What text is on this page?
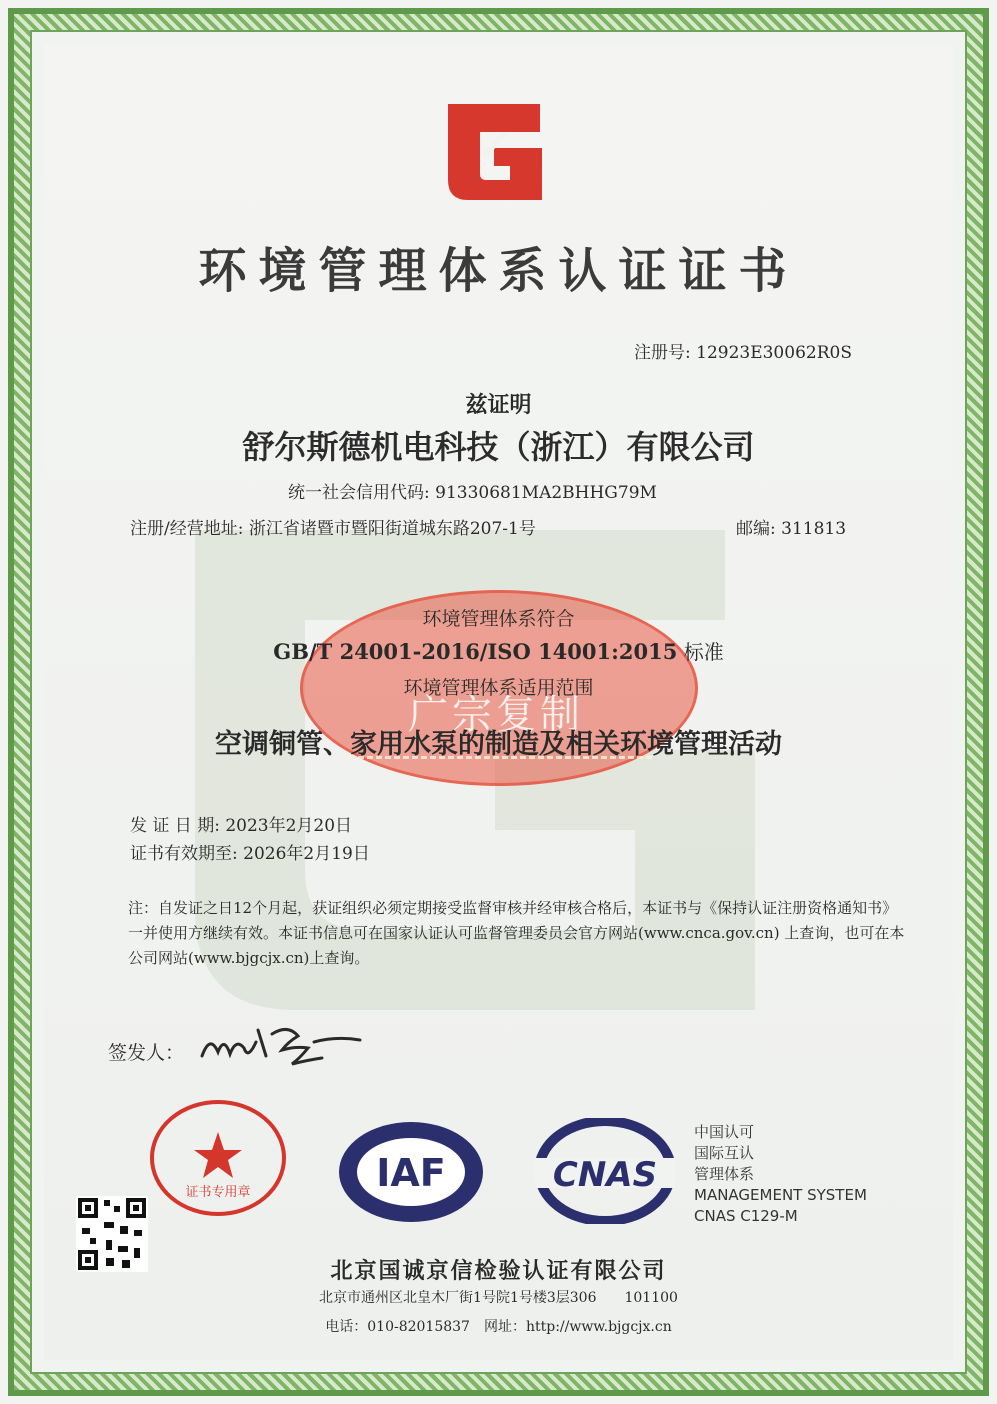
环境管理体系认证证书
注册号: 12923E30062R0S
兹证明
舒尔斯德机电科技（浙江）有限公司
统一社会信用代码: 91330681MA2BHHG79M
注册/经营地址: 浙江省诸暨市暨阳街道城东路207-1号	邮编: 311813
环境管理体系符合
GB/T 24001-2016/ISO 14001:2015 标准
环境管理体系适用范围
广宗复制
空调铜管、家用水泵的制造及相关环境管理活动
发 证 日 期: 2023年2月20日
证书有效期至: 2026年2月19日
注：自发证之日12个月起，获证组织必须定期接受监督审核并经审核合格后，本证书与《保持认证注册资格通知书》一并使用方继续有效。本证书信息可在国家认证认可监督管理委员会官方网站(www.cnca.gov.cn) 上查询，也可在本公司网站(www.bjgcjx.cn)上查询。
签发人：
证书专用章	IAF	CNAS
中国认可
国际互认
管理体系
MANAGEMENT SYSTEM
CNAS C129-M
北京国诚京信检验认证有限公司
北京市通州区北皇木厂街1号院1号楼3层306　　101100
电话：010-82015837　网址：http://www.bjgcjx.cn
